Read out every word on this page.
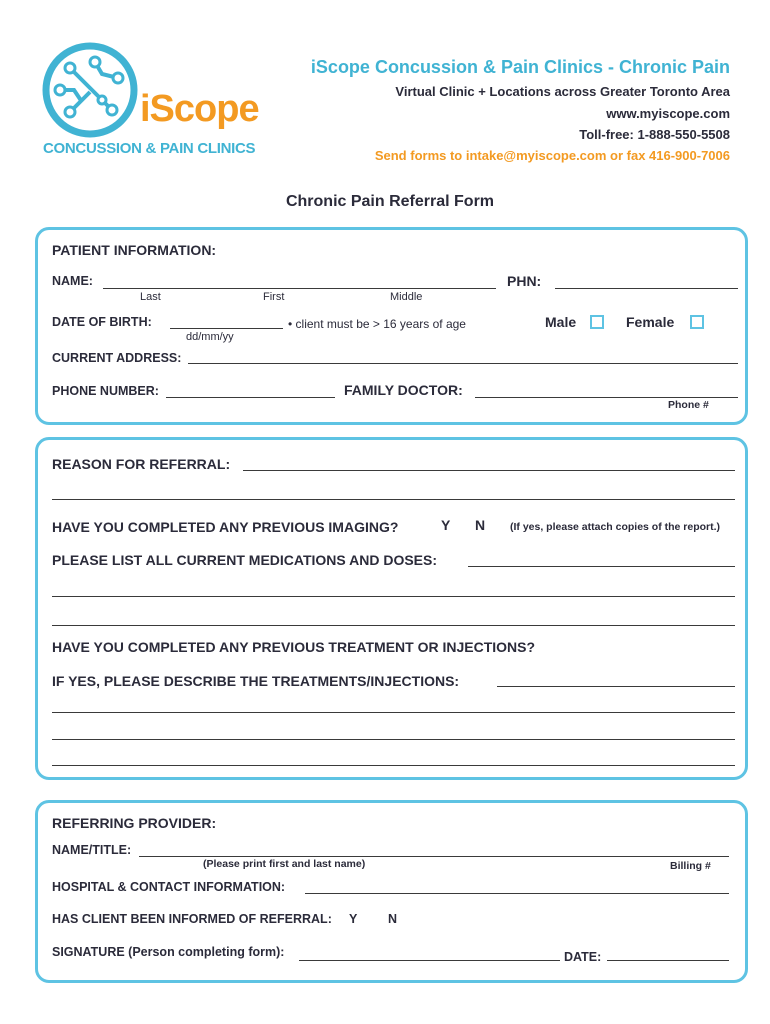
iScope
CONCUSSION & PAIN CLINICS
iScope Concussion & Pain Clinics - Chronic Pain
Virtual Clinic + Locations across Greater Toronto Area
www.myiscope.com
Toll-free: 1-888-550-5508
Send forms to intake@myiscope.com or fax 416-900-7006
Chronic Pain Referral Form
PATIENT INFORMATION:
NAME:
Last	First	Middle
PHN:
DATE OF BIRTH:
dd/mm/yy
• client must be > 16 years of age	Male	Female
CURRENT ADDRESS:
PHONE NUMBER:	FAMILY DOCTOR:
Phone #
REASON FOR REFERRAL:
HAVE YOU COMPLETED ANY PREVIOUS IMAGING?	Y N (If yes, please attach copies of the report.)
PLEASE LIST ALL CURRENT MEDICATIONS AND DOSES:
HAVE YOU COMPLETED ANY PREVIOUS TREATMENT OR INJECTIONS?
IF YES, PLEASE DESCRIBE THE TREATMENTS/INJECTIONS:
REFERRING PROVIDER:
NAME/TITLE:
(Please print first and last name)	Billing #
HOSPITAL & CONTACT INFORMATION:
HAS CLIENT BEEN INFORMED OF REFERRAL: Y N
SIGNATURE (Person completing form):	DATE:
